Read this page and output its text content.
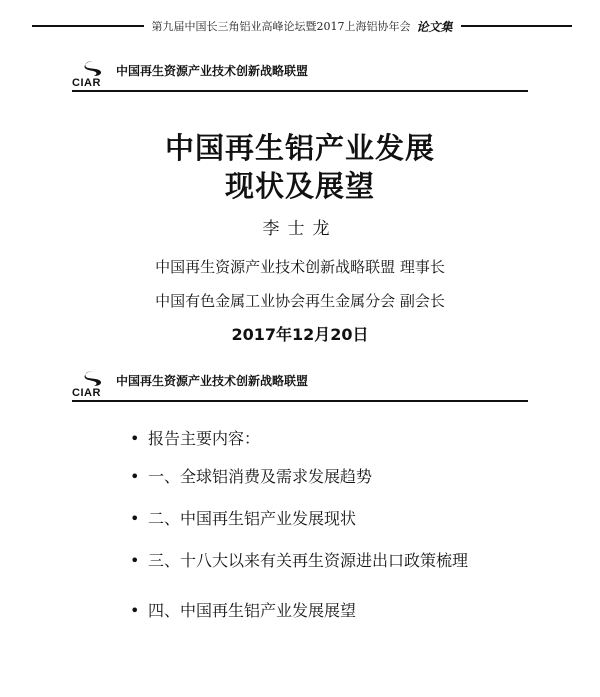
第九届中国长三角铝业高峰论坛暨2017上海铝协年会 论文集
CIAR
中国再生资源产业技术创新战略联盟
中国再生铝产业发展
现状及展望
李士龙
中国再生资源产业技术创新战略联盟 理事长
中国有色金属工业协会再生金属分会 副会长
2017年12月20日
CIAR
中国再生资源产业技术创新战略联盟
• 报告主要内容：
• 一、全球铝消费及需求发展趋势
• 二、中国再生铝产业发展现状
• 三、十八大以来有关再生资源进出口政策梳理
• 四、中国再生铝产业发展展望
